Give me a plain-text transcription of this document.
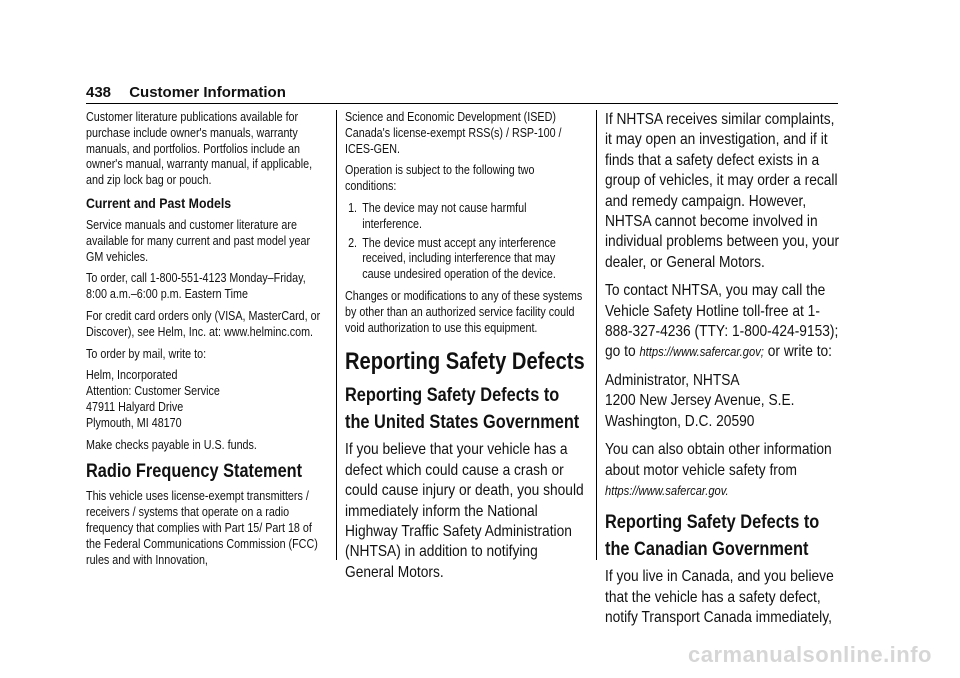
438 Customer Information

Customer literature publications available for purchase include owner's manuals, warranty manuals, and portfolios. Portfolios include an owner's manual, warranty manual, if applicable, and zip lock bag or pouch.

Current and Past Models

Service manuals and customer literature are available for many current and past model year GM vehicles.

To order, call 1-800-551-4123 Monday–Friday, 8:00 a.m.–6:00 p.m. Eastern Time

For credit card orders only (VISA, MasterCard, or Discover), see Helm, Inc. at: www.helminc.com.

To order by mail, write to:

Helm, Incorporated
Attention: Customer Service
47911 Halyard Drive
Plymouth, MI 48170

Make checks payable in U.S. funds.

Radio Frequency Statement

This vehicle uses license-exempt transmitters / receivers / systems that operate on a radio frequency that complies with Part 15/ Part 18 of the Federal Communications Commission (FCC) rules and with Innovation,

Science and Economic Development (ISED) Canada's license-exempt RSS(s) / RSP-100 / ICES-GEN.

Operation is subject to the following two conditions:

1. The device may not cause harmful interference.
2. The device must accept any interference received, including interference that may cause undesired operation of the device.

Changes or modifications to any of these systems by other than an authorized service facility could void authorization to use this equipment.

Reporting Safety Defects
Reporting Safety Defects to the United States Government

If you believe that your vehicle has a defect which could cause a crash or could cause injury or death, you should immediately inform the National Highway Traffic Safety Administration (NHTSA) in addition to notifying General Motors.

If NHTSA receives similar complaints, it may open an investigation, and if it finds that a safety defect exists in a group of vehicles, it may order a recall and remedy campaign. However, NHTSA cannot become involved in individual problems between you, your dealer, or General Motors.

To contact NHTSA, you may call the Vehicle Safety Hotline toll-free at 1-888-327-4236 (TTY: 1-800-424-9153); go to https://www.safercar.gov; or write to:

Administrator, NHTSA

1200 New Jersey Avenue, S.E.

Washington, D.C. 20590

You can also obtain other information about motor vehicle safety from https://www.safercar.gov.

Reporting Safety Defects to the Canadian Government

If you live in Canada, and you believe that the vehicle has a safety defect, notify Transport Canada immediately,

carmanualsonline.info
